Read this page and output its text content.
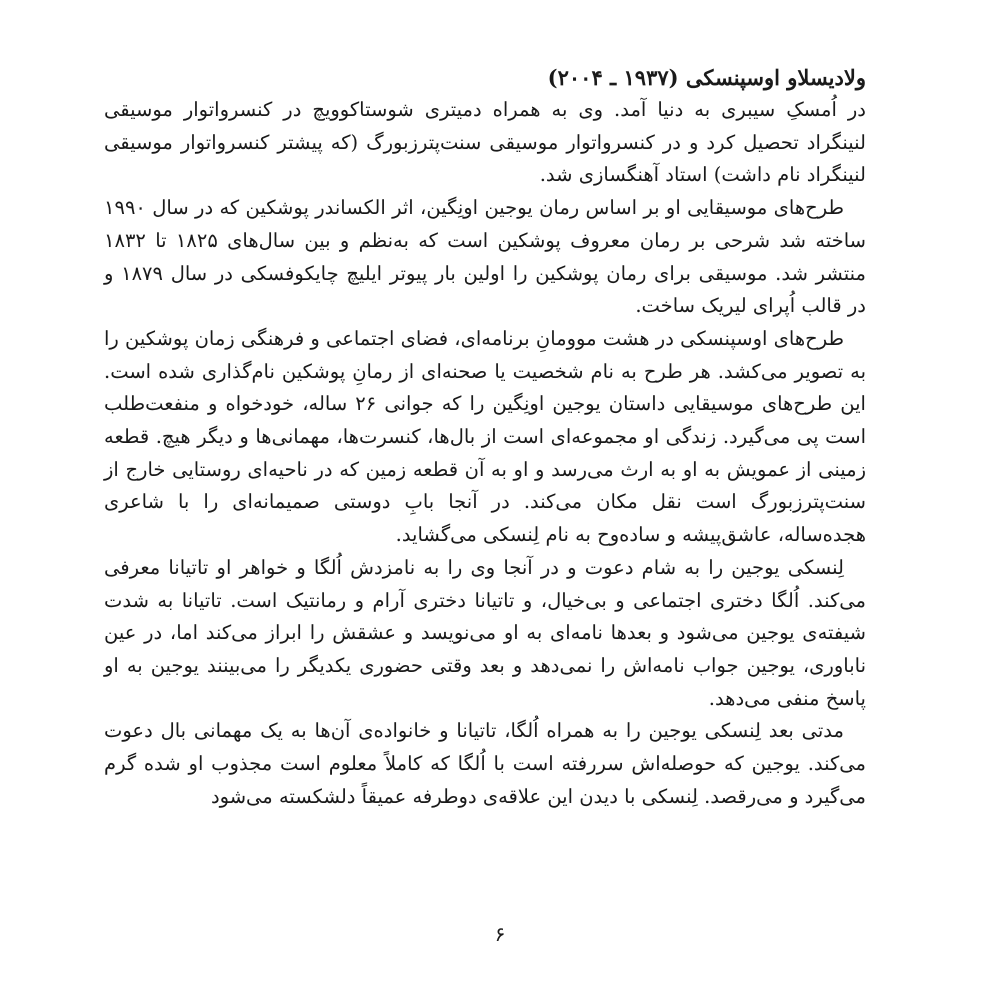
ولادیسلاو اوسپنسکی (۱۹۳۷ ـ ۲۰۰۴)

در اُمسکِ سیبری به دنیا آمد. وی به همراه دمیتری شوستاکوویچ در کنسرواتوار موسیقی لنینگراد تحصیل کرد و در کنسرواتوار موسیقی سنت‌پترزبورگ (که پیشتر کنسرواتوار موسیقی لنینگراد نام داشت) استاد آهنگسازی شد.

طرح‌های موسیقایی او بر اساس رمان یوجین اونِگین، اثر الکساندر پوشکین که در سال ۱۹۹۰ ساخته شد شرحی بر رمان معروف پوشکین است که به‌نظم و بین سال‌های ۱۸۲۵ تا ۱۸۳۲ منتشر شد. موسیقی برای رمان پوشکین را اولین بار پیوتر ایلیچ چایکوفسکی در سال ۱۸۷۹ و در قالب اُپرای لیریک ساخت.

طرح‌های اوسپنسکی در هشت موومانِ برنامه‌ای، فضای اجتماعی و فرهنگی زمان پوشکین را به تصویر می‌کشد. هر طرح به نام شخصیت یا صحنه‌ای از رمانِ پوشکین نام‌گذاری شده است. این طرح‌های موسیقایی داستان یوجین اونِگین را که جوانی ۲۶ ساله، خودخواه و منفعت‌طلب است پی می‌گیرد. زندگی او مجموعه‌ای است از بال‌ها، کنسرت‌ها، مهمانی‌ها و دیگر هیچ. قطعه زمینی از عمویش به او به ارث می‌رسد و او به آن قطعه زمین که در ناحیه‌ای روستایی خارج از سنت‌پترزبورگ است نقل مکان می‌کند. در آنجا بابِ دوستی صمیمانه‌ای را با شاعری هجده‌ساله، عاشق‌پیشه و ساده‌وح به نام لِنسکی می‌گشاید.

لِنسکی یوجین را به شام دعوت و در آنجا وی را به نامزدش اُلگا و خواهر او تاتیانا معرفی می‌کند. اُلگا دختری اجتماعی و بی‌خیال، و تاتیانا دختری آرام و رمانتیک است. تاتیانا به شدت شیفته‌ی یوجین می‌شود و بعدها نامه‌ای به او می‌نویسد و عشقش را ابراز می‌کند اما، در عین ناباوری، یوجین جواب نامه‌اش را نمی‌دهد و بعد وقتی حضوری یکدیگر را می‌بینند یوجین به او پاسخ منفی می‌دهد.

مدتی بعد لِنسکی یوجین را به همراه اُلگا، تاتیانا و خانواده‌ی آن‌ها به یک مهمانی بال دعوت می‌کند. یوجین که حوصله‌اش سررفته است با اُلگا که کاملاً معلوم است مجذوب او شده گرم می‌گیرد و می‌رقصد. لِنسکی با دیدن این علاقه‌ی دوطرفه عمیقاً دلشکسته می‌شود

۶
